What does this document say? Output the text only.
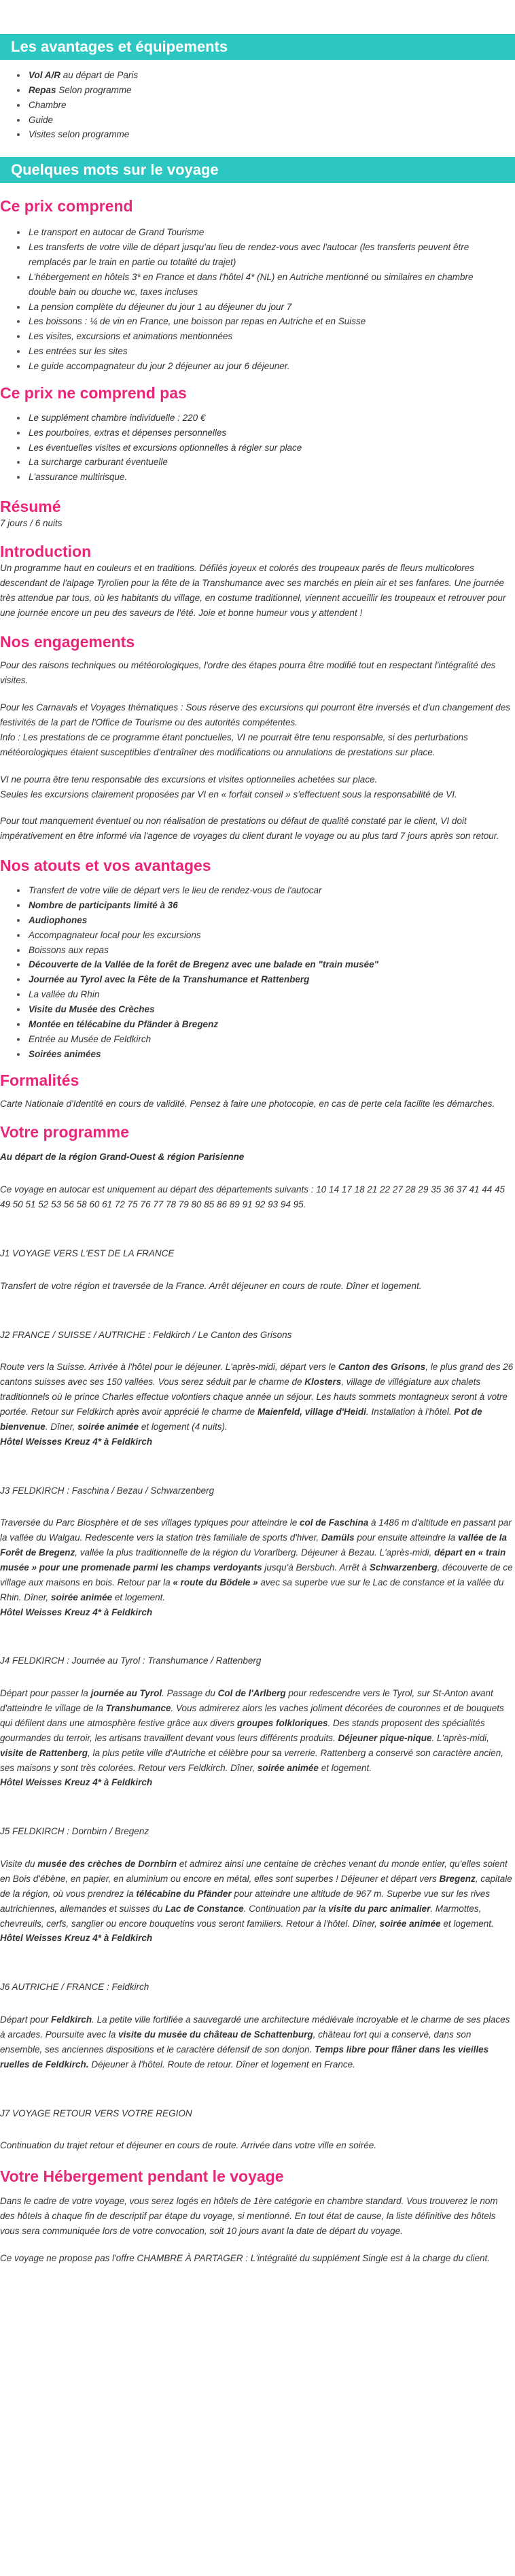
Les avantages et équipements
• Vol A/R au départ de Paris
• Repas Selon programme
• Chambre
• Guide
• Visites selon programme
Quelques mots sur le voyage
Ce prix comprend
• Le transport en autocar de Grand Tourisme
• Les transferts de votre ville de départ jusqu'au lieu de rendez-vous avec l'autocar (les transferts peuvent être remplacés par le train en partie ou totalité du trajet)
• L'hébergement en hôtels 3* en France et dans l'hôtel 4* (NL) en Autriche mentionné ou similaires en chambre double bain ou douche wc, taxes incluses
• La pension complète du déjeuner du jour 1 au déjeuner du jour 7
• Les boissons : ¼ de vin en France, une boisson par repas en Autriche et en Suisse
• Les visites, excursions et animations mentionnées
• Les entrées sur les sites
• Le guide accompagnateur du jour 2 déjeuner au jour 6 déjeuner.
Ce prix ne comprend pas
• Le supplément chambre individuelle : 220 €
• Les pourboires, extras et dépenses personnelles
• Les éventuelles visites et excursions optionnelles à régler sur place
• La surcharge carburant éventuelle
• L'assurance multirisque.
Résumé

7 jours / 6 nuits

Introduction

Un programme haut en couleurs et en traditions. Défilés joyeux et colorés des troupeaux parés de fleurs multicolores descendant de l'alpage Tyrolien pour la fête de la Transhumance avec ses marchés en plein air et ses fanfares. Une journée très attendue par tous, où les habitants du village, en costume traditionnel, viennent accueillir les troupeaux et retrouver pour une journée encore un peu des saveurs de l'été. Joie et bonne humeur vous y attendent !

Nos engagements

Pour des raisons techniques ou météorologiques, l'ordre des étapes pourra être modifié tout en respectant l'intégralité des visites.

Pour les Carnavals et Voyages thématiques : Sous réserve des excursions qui pourront être inversés et d'un changement des festivités de la part de l'Office de Tourisme ou des autorités compétentes.

Info : Les prestations de ce programme étant ponctuelles, VI ne pourrait être tenu responsable, si des perturbations météorologiques étaient susceptibles d'entraîner des modifications ou annulations de prestations sur place.

VI ne pourra être tenu responsable des excursions et visites optionnelles achetées sur place.

Seules les excursions clairement proposées par VI en « forfait conseil » s'effectuent sous la responsabilité de VI.

Pour tout manquement éventuel ou non réalisation de prestations ou défaut de qualité constaté par le client, VI doit impérativement en être informé via l'agence de voyages du client durant le voyage ou au plus tard 7 jours après son retour.

Nos atouts et vos avantages
• Transfert de votre ville de départ vers le lieu de rendez-vous de l'autocar
• Nombre de participants limité à 36
• Audiophones
• Accompagnateur local pour les excursions
• Boissons aux repas
• Découverte de la Vallée de la forêt de Bregenz avec une balade en "train musée"
• Journée au Tyrol avec la Fête de la Transhumance et Rattenberg
• La vallée du Rhin
• Visite du Musée des Crèches
• Montée en télécabine du Pfänder à Bregenz
• Entrée au Musée de Feldkirch
• Soirées animées
Formalités

Carte Nationale d'Identité en cours de validité. Pensez à faire une photocopie, en cas de perte cela facilite les démarches.

Votre programme

Au départ de la région Grand-Ouest & région Parisienne

Ce voyage en autocar est uniquement au départ des départements suivants : 10 14 17 18 21 22 27 28 29 35 36 37 41 44 45 49 50 51 52 53 56 58 60 61 72 75 76 77 78 79 80 85 86 89 91 92 93 94 95.

J1 VOYAGE VERS L'EST DE LA FRANCE

Transfert de votre région et traversée de la France. Arrêt déjeuner en cours de route. Dîner et logement.

J2 FRANCE / SUISSE / AUTRICHE : Feldkirch / Le Canton des Grisons

Route vers la Suisse. Arrivée à l'hôtel pour le déjeuner. L'après-midi, départ vers le Canton des Grisons, le plus grand des 26 cantons suisses avec ses 150 vallées. Vous serez séduit par le charme de Klosters, village de villégiature aux chalets traditionnels où le prince Charles effectue volontiers chaque année un séjour. Les hauts sommets montagneux seront à votre portée. Retour sur Feldkirch après avoir apprécié le charme de Maienfeld, village d'Heidi. Installation à l'hôtel. Pot de bienvenue. Dîner, soirée animée et logement (4 nuits).
Hôtel Weisses Kreuz 4* à Feldkirch

J3 FELDKIRCH : Faschina / Bezau / Schwarzenberg

Traversée du Parc Biosphère et de ses villages typiques pour atteindre le col de Faschina à 1486 m d'altitude en passant par la vallée du Walgau. Redescente vers la station très familiale de sports d'hiver, Damüls pour ensuite atteindre la vallée de la Forêt de Bregenz, vallée la plus traditionnelle de la région du Vorarlberg. Déjeuner à Bezau. L'après-midi, départ en « train musée » pour une promenade parmi les champs verdoyants jusqu'à Bersbuch. Arrêt à Schwarzenberg, découverte de ce village aux maisons en bois. Retour par la « route du Bödele » avec sa superbe vue sur le Lac de constance et la vallée du Rhin. Dîner, soirée animée et logement.
Hôtel Weisses Kreuz 4* à Feldkirch

J4 FELDKIRCH : Journée au Tyrol : Transhumance / Rattenberg

Départ pour passer la journée au Tyrol. Passage du Col de l'Arlberg pour redescendre vers le Tyrol, sur St-Anton avant d'atteindre le village de la Transhumance. Vous admirerez alors les vaches joliment décorées de couronnes et de bouquets qui défilent dans une atmosphère festive grâce aux divers groupes folkloriques. Des stands proposent des spécialités gourmandes du terroir, les artisans travaillent devant vous leurs différents produits. Déjeuner pique-nique. L'après-midi, visite de Rattenberg, la plus petite ville d'Autriche et célèbre pour sa verrerie. Rattenberg a conservé son caractère ancien, ses maisons y sont très colorées. Retour vers Feldkirch. Dîner, soirée animée et logement.
Hôtel Weisses Kreuz 4* à Feldkirch

J5 FELDKIRCH : Dornbirn / Bregenz

Visite du musée des crèches de Dornbirn et admirez ainsi une centaine de crèches venant du monde entier, qu'elles soient en Bois d'ébène, en papier, en aluminium ou encore en métal, elles sont superbes ! Déjeuner et départ vers Bregenz, capitale de la région, où vous prendrez la télécabine du Pfänder pour atteindre une altitude de 967 m. Superbe vue sur les rives autrichiennes, allemandes et suisses du Lac de Constance. Continuation par la visite du parc animalier. Marmottes, chevreuils, cerfs, sanglier ou encore bouquetins vous seront familiers. Retour à l'hôtel. Dîner, soirée animée et logement.
Hôtel Weisses Kreuz 4* à Feldkirch

J6 AUTRICHE / FRANCE : Feldkirch

Départ pour Feldkirch. La petite ville fortifiée a sauvegardé une architecture médiévale incroyable et le charme de ses places à arcades. Poursuite avec la visite du musée du château de Schattenburg, château fort qui a conservé, dans son ensemble, ses anciennes dispositions et le caractère défensif de son donjon. Temps libre pour flâner dans les vieilles ruelles de Feldkirch. Déjeuner à l'hôtel. Route de retour. Dîner et logement en France.

J7 VOYAGE RETOUR VERS VOTRE REGION

Continuation du trajet retour et déjeuner en cours de route. Arrivée dans votre ville en soirée.

Votre Hébergement pendant le voyage

Dans le cadre de votre voyage, vous serez logés en hôtels de 1ère catégorie en chambre standard. Vous trouverez le nom des hôtels à chaque fin de descriptif par étape du voyage, si mentionné. En tout état de cause, la liste définitive des hôtels vous sera communiquée lors de votre convocation, soit 10 jours avant la date de départ du voyage.

Ce voyage ne propose pas l'offre CHAMBRE À PARTAGER : L'intégralité du supplément Single est à la charge du client.
